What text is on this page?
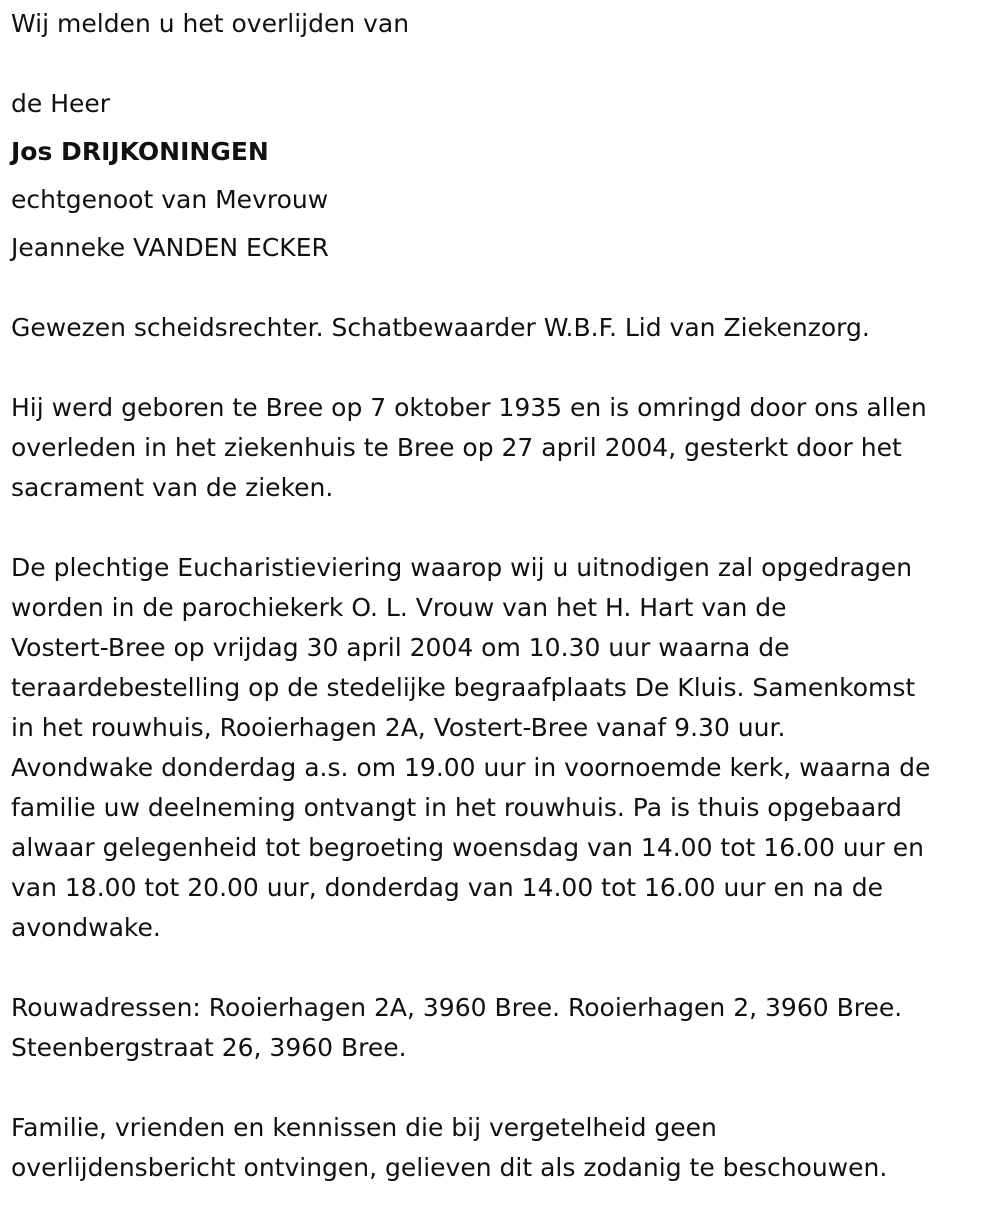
Wij melden u het overlijden van

de Heer

Jos DRIJKONINGEN

echtgenoot van Mevrouw

Jeanneke VANDEN ECKER

Gewezen scheidsrechter. Schatbewaarder W.B.F. Lid van Ziekenzorg.

Hij werd geboren te Bree op 7 oktober 1935 en is omringd door ons allen

overleden in het ziekenhuis te Bree op 27 april 2004, gesterkt door het

sacrament van de zieken.

De plechtige Eucharistieviering waarop wij u uitnodigen zal opgedragen

worden in de parochiekerk O. L. Vrouw van het H. Hart van de

Vostert-Bree op vrijdag 30 april 2004 om 10.30 uur waarna de

teraardebestelling op de stedelijke begraafplaats De Kluis. Samenkomst

in het rouwhuis, Rooierhagen 2A, Vostert-Bree vanaf 9.30 uur.

Avondwake donderdag a.s. om 19.00 uur in voornoemde kerk, waarna de

familie uw deelneming ontvangt in het rouwhuis. Pa is thuis opgebaard

alwaar gelegenheid tot begroeting woensdag van 14.00 tot 16.00 uur en

van 18.00 tot 20.00 uur, donderdag van 14.00 tot 16.00 uur en na de

avondwake.

Rouwadressen: Rooierhagen 2A, 3960 Bree. Rooierhagen 2, 3960 Bree.

Steenbergstraat 26, 3960 Bree.

Familie, vrienden en kennissen die bij vergetelheid geen

overlijdensbericht ontvingen, gelieven dit als zodanig te beschouwen.
